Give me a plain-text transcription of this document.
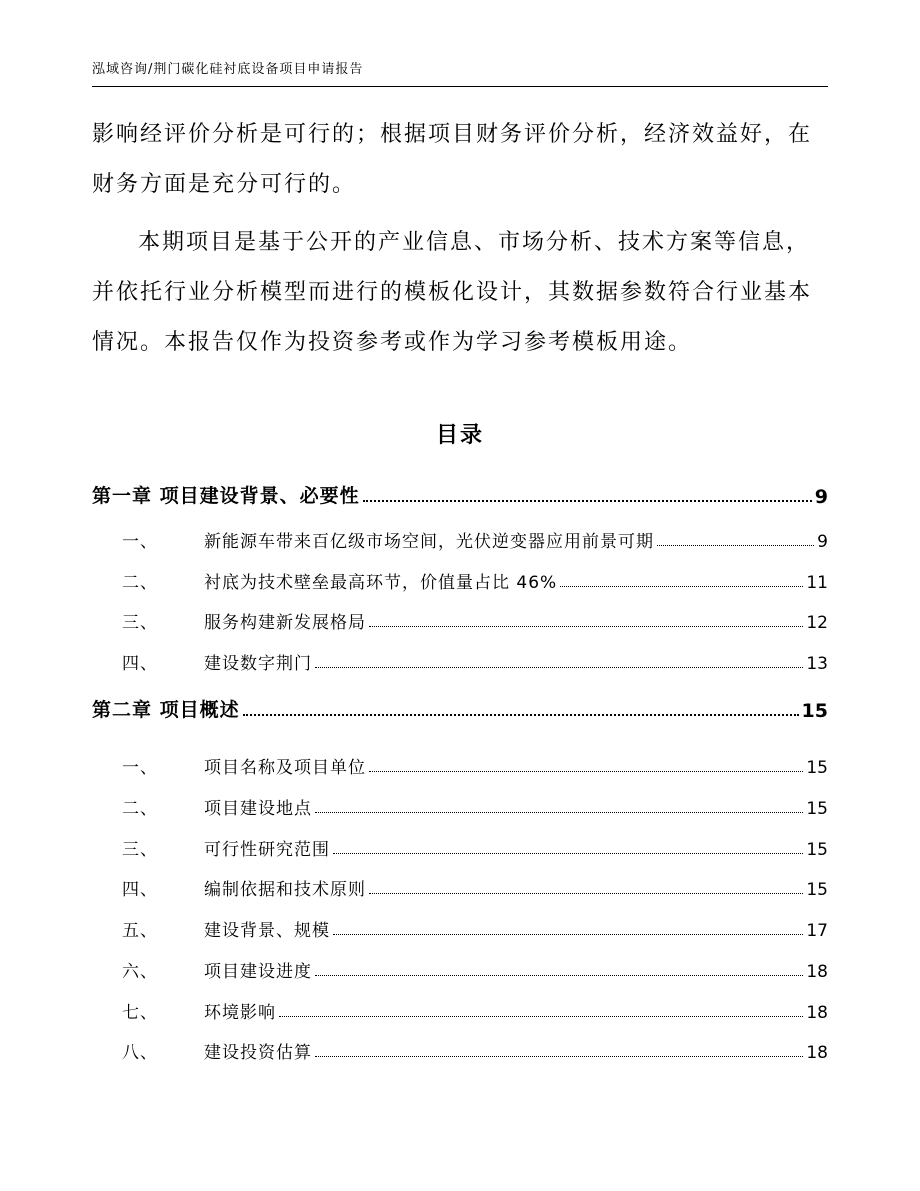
泓域咨询/荆门碳化硅衬底设备项目申请报告

影响经评价分析是可行的；根据项目财务评价分析，经济效益好，在
财务方面是充分可行的。

本期项目是基于公开的产业信息、市场分析、技术方案等信息，
并依托行业分析模型而进行的模板化设计，其数据参数符合行业基本
情况。本报告仅作为投资参考或作为学习参考模板用途。

目录
第一章 项目建设背景、必要性	9
一、	新能源车带来百亿级市场空间，光伏逆变器应用前景可期	9
二、	衬底为技术壁垒最高环节，价值量占比 46%	11
三、	服务构建新发展格局	12
四、	建设数字荆门	13
第二章 项目概述	15
一、	项目名称及项目单位	15
二、	项目建设地点	15
三、	可行性研究范围	15
四、	编制依据和技术原则	15
五、	建设背景、规模	17
六、	项目建设进度	18
七、	环境影响	18
八、	建设投资估算	18
